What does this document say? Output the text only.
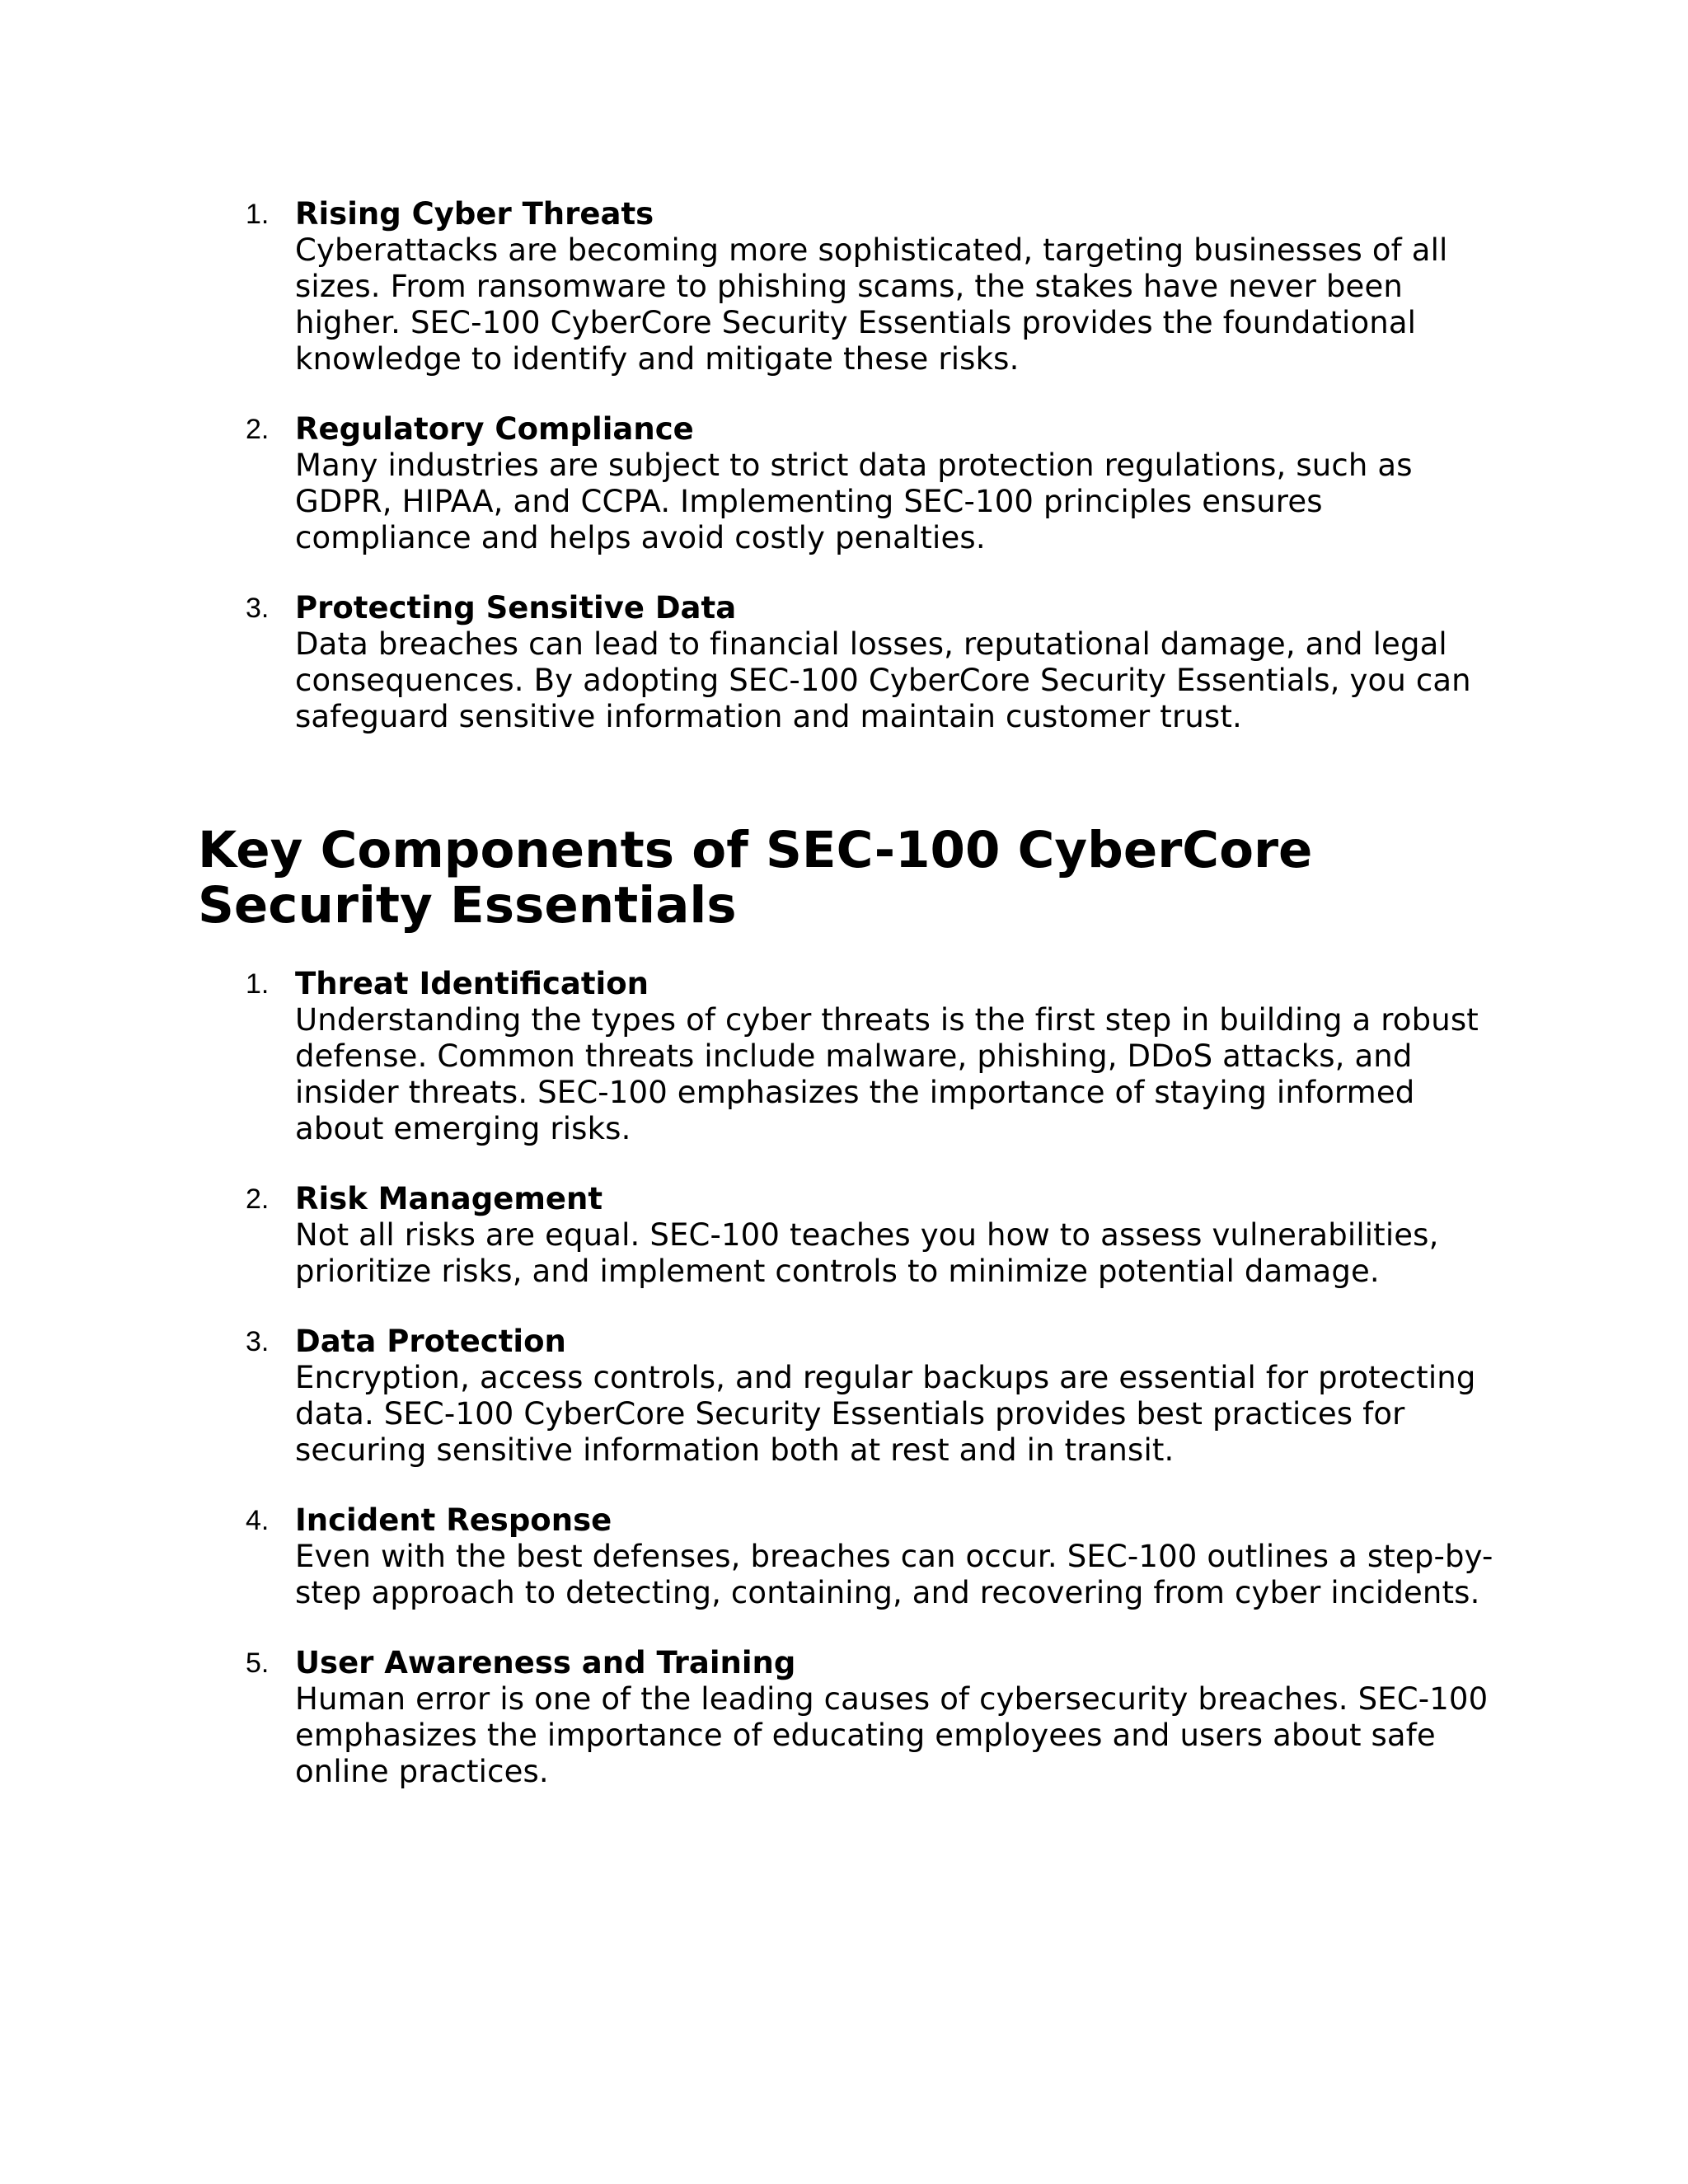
1. Rising Cyber Threats
Cyberattacks are becoming more sophisticated, targeting businesses of all sizes. From ransomware to phishing scams, the stakes have never been higher. SEC-100 CyberCore Security Essentials provides the foundational knowledge to identify and mitigate these risks.
2. Regulatory Compliance
Many industries are subject to strict data protection regulations, such as GDPR, HIPAA, and CCPA. Implementing SEC-100 principles ensures compliance and helps avoid costly penalties.
3. Protecting Sensitive Data
Data breaches can lead to financial losses, reputational damage, and legal consequences. By adopting SEC-100 CyberCore Security Essentials, you can safeguard sensitive information and maintain customer trust.
Key Components of SEC-100 CyberCore Security Essentials
1. Threat Identification
Understanding the types of cyber threats is the first step in building a robust defense. Common threats include malware, phishing, DDoS attacks, and insider threats. SEC-100 emphasizes the importance of staying informed about emerging risks.
2. Risk Management
Not all risks are equal. SEC-100 teaches you how to assess vulnerabilities, prioritize risks, and implement controls to minimize potential damage.
3. Data Protection
Encryption, access controls, and regular backups are essential for protecting data. SEC-100 CyberCore Security Essentials provides best practices for securing sensitive information both at rest and in transit.
4. Incident Response
Even with the best defenses, breaches can occur. SEC-100 outlines a step-by-step approach to detecting, containing, and recovering from cyber incidents.
5. User Awareness and Training
Human error is one of the leading causes of cybersecurity breaches. SEC-100 emphasizes the importance of educating employees and users about safe online practices.
